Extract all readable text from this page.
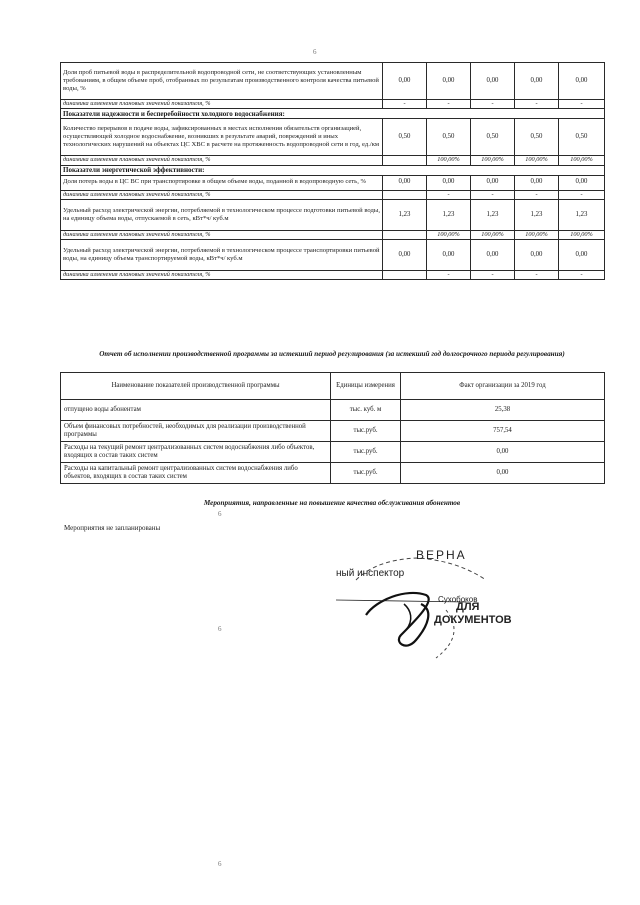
6
Доля проб питьевой воды в распределительной водопроводной сети, не соответствующих установленным требованиям, в общем объеме проб, отобранных по результатам производственного контроля качества питьевой воды, %	0,00	0,00	0,00	0,00	0,00
динамика изменения плановых значений показателя, %	-	-	-	-	-
Показатели надежности и бесперебойности холодного водоснабжения:					
Количество перерывов в подаче воды, зафиксированных в местах исполнения обязательств организацией, осуществляющей холодное водоснабжение, возникших в результате аварий, повреждений и иных технологических нарушений на объектах ЦС ХВС в расчете на протяженность водопроводной сети в год, ед./км	0,50	0,50	0,50	0,50	0,50
динамика изменения плановых значений показателя, %		100,00%	100,00%	100,00%	100,00%
Показатели энергетической эффективности:					
Доля потерь воды в ЦС ВС при транспортировке в общем объеме воды, поданной в водопроводную сеть, %	0,00	0,00	0,00	0,00	0,00
динамика изменения плановых значений показателя, %		-	-	-	-
Удельный расход электрической энергии, потребляемой в технологическом процессе подготовки питьевой воды, на единицу объема воды, отпускаемой в сеть, кВт*ч/ куб.м	1,23	1,23	1,23	1,23	1,23
динамика изменения плановых значений показателя, %		100,00%	100,00%	100,00%	100,00%
Удельный расход электрической энергии, потребляемой в технологическом процессе транспортировки питьевой воды, на единицу объема транспортируемой воды, кВт*ч/ куб.м	0,00	0,00	0,00	0,00	0,00
динамика изменения плановых значений показателя, %		-	-	-	-
Отчет об исполнении производственной программы за истекший период регулирования (за истекший год долгосрочного периода регулирования)
Наименование показателей производственной программы	Единицы измерения	Факт организации за 2019 год
отпущено воды абонентам	тыс. куб. м	25,38
Объем финансовых потребностей, необходимых для реализации производственной программы	тыс.руб.	757,54
Расходы на текущий ремонт централизованных систем водоснабжения либо объектов, входящих в состав таких систем	тыс.руб.	0,00
Расходы на капитальный ремонт централизованных систем водоснабжения либо объектов, входящих в состав таких систем	тыс.руб.	0,00
Мероприятия, направленные на повышение качества обслуживания абонентов
6
Мероприятия не запланированы
ВЕРНА
ный инспектор
Сухобоков
ДЛЯ
ДОКУМЕНТОВ
6
6
